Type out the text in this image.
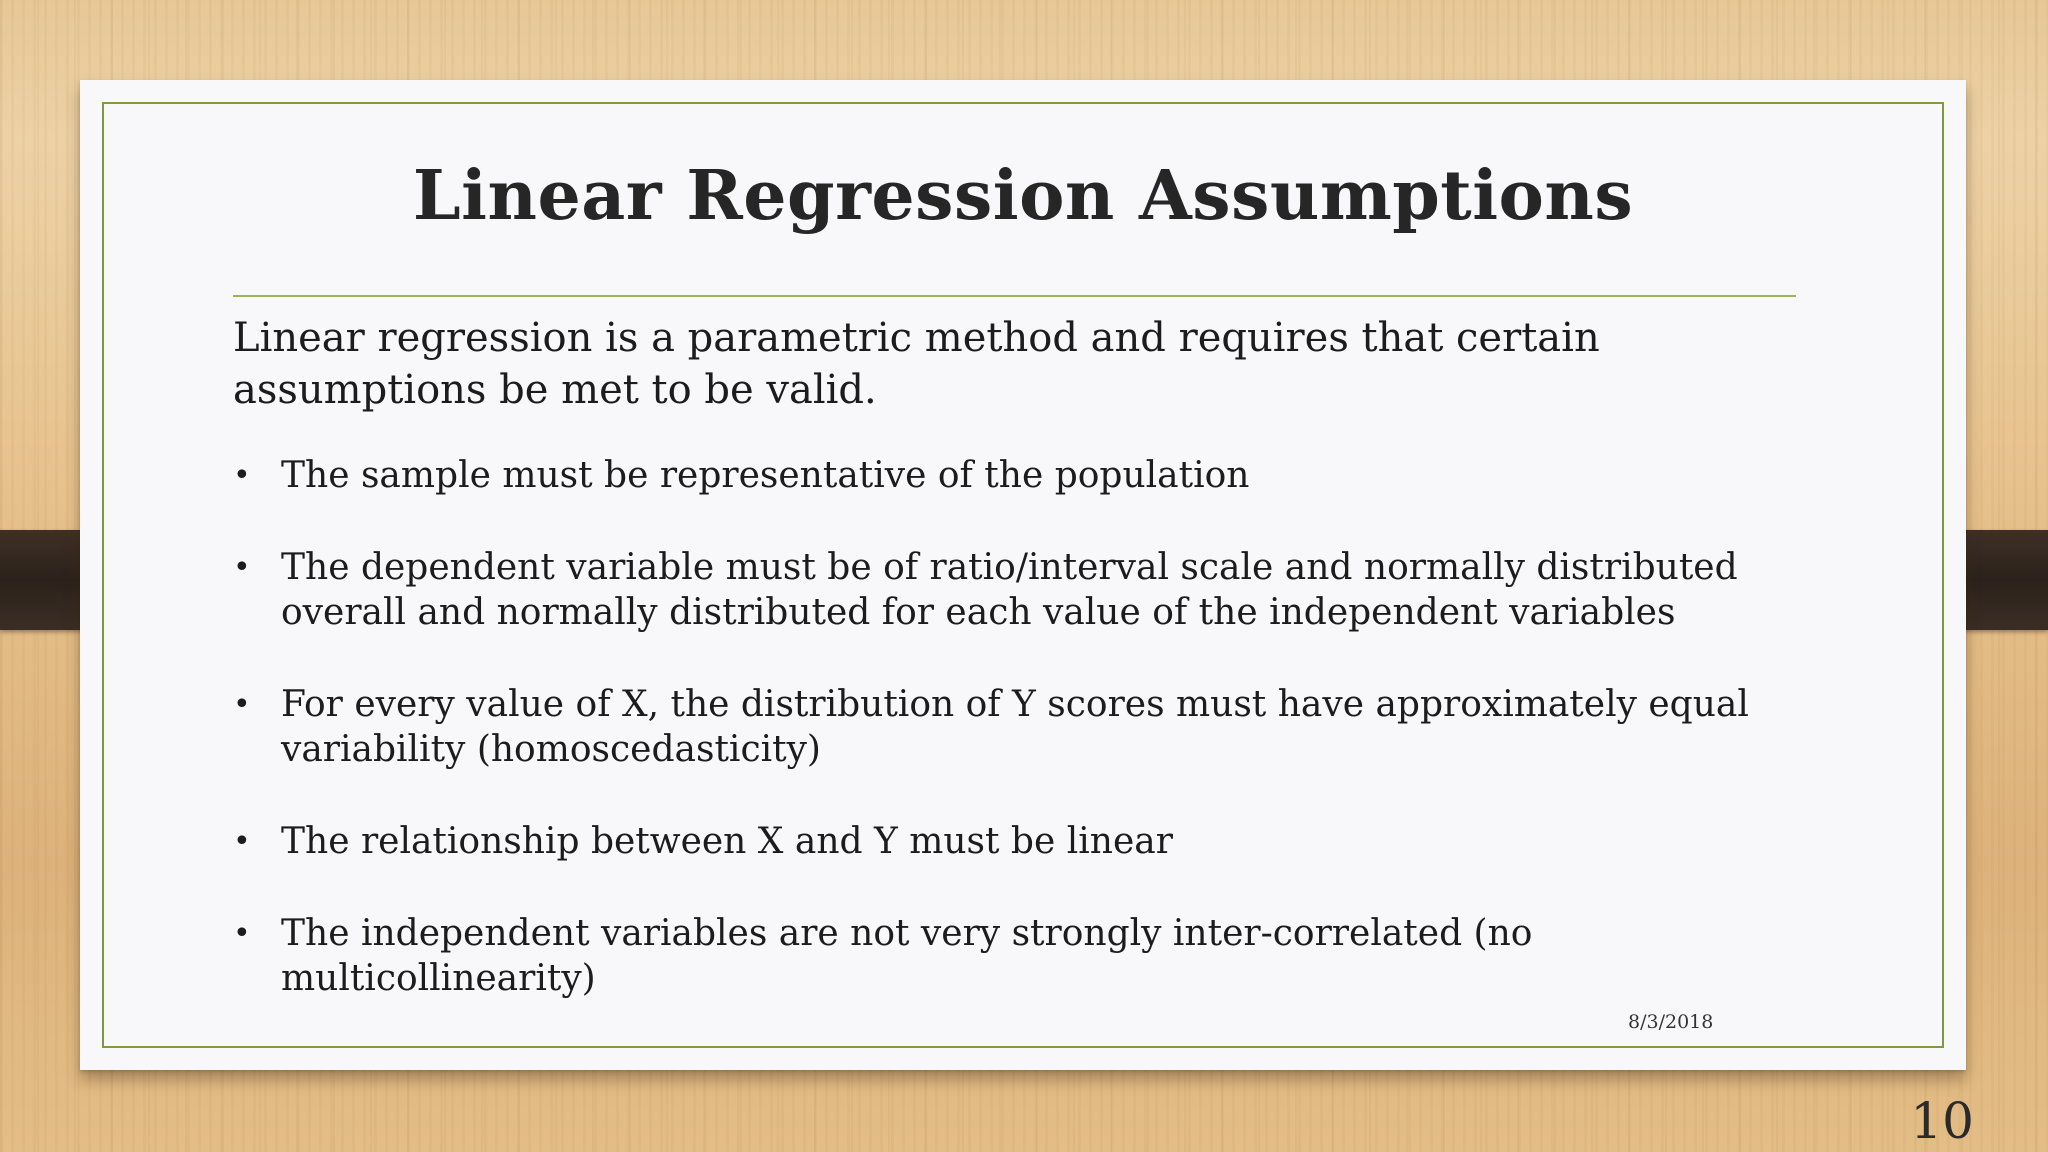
Linear Regression Assumptions
Linear regression is a parametric method and requires that certain assumptions be met to be valid.
• The sample must be representative of the population
• The dependent variable must be of ratio/interval scale and normally distributed overall and normally distributed for each value of the independent variables
• For every value of X, the distribution of Y scores must have approximately equal variability (homoscedasticity)
• The relationship between X and Y must be linear
• The independent variables are not very strongly inter-correlated (no multicollinearity)
8/3/2018
10
